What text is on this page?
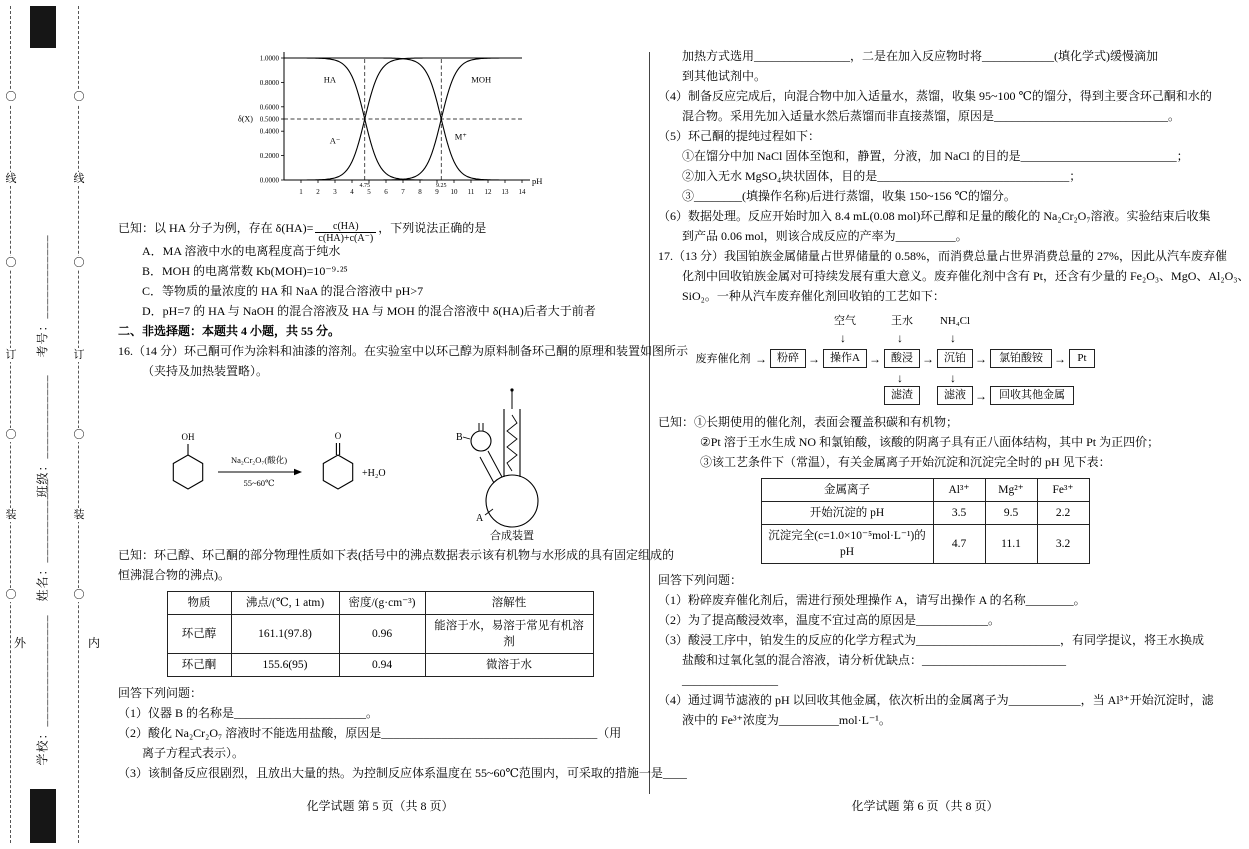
〇
线
〇
订
〇
装
〇
〇
线
〇
订
〇
装
〇
考号：____________
班级：____________
姓名：____________
学校：________________
外	内
0.0000
0.2000
0.4000
0.5000
0.6000
0.8000
1.0000
1 2 3 4 5 6 7 8 9 10 11 12 13 14
4.75	9.25
HA
A⁻	M⁺
MOH
δ(X)
pH
已知：以 HA 分子为例，存在 $\delta(HA)= \frac{c(HA)}{c(HA)+c(A^-)}$ ，下列说法正确的是
A．MA 溶液中水的电离程度高于纯水
B．MOH 的电离常数 Kb(MOH)=10⁻⁹·²⁵
C．等物质的量浓度的 HA 和 NaA 的混合溶液中 pH>7
D．pH=7 的 HA 与 NaOH 的混合溶液及 HA 与 MOH 的混合溶液中 δ(HA)后者大于前者
二、非选择题：本题共 4 小题，共 55 分。
16.（14 分）环己酮可作为涂料和油漆的溶剂。在实验室中以环己醇为原料制备环己酮的原理和装置如图所示
（夹持及加热装置略）。
OH
Na₂Cr₂O₇(酸化)
55~60℃
O
+H₂O
B
A
合成装置
已知：环己醇、环己酮的部分物理性质如下表(括号中的沸点数据表示该有机物与水形成的具有固定组成的
恒沸混合物的沸点)。
物质	沸点/(℃, 1 atm)	密度/(g·cm⁻³)	溶解性
环己醇	161.1(97.8)	0.96	能溶于水，易溶于常见有机溶剂
环己酮	155.6(95)	0.94	微溶于水
回答下列问题：
（1）仪器 B 的名称是______________________。
（2）酸化 Na₂Cr₂O₇ 溶液时不能选用盐酸，原因是____________________________________（用
离子方程式表示）。
（3）该制备反应很剧烈，且放出大量的热。为控制反应体系温度在 55~60℃范围内，可采取的措施一是____
化学试题 第 5 页（共 8 页）
加热方式选用________________，二是在加入反应物时将____________(填化学式)缓慢滴加
到其他试剂中。
（4）制备反应完成后，向混合物中加入适量水，蒸馏，收集 95~100 ℃的馏分，得到主要含环己酮和水的
混合物。采用先加入适量水然后蒸馏而非直接蒸馏，原因是_____________________________。
（5）环己酮的提纯过程如下：
①在馏分中加 NaCl 固体至饱和，静置，分液，加 NaCl 的目的是__________________________；
②加入无水 MgSO₄块状固体，目的是________________________________；
③________(填操作名称)后进行蒸馏，收集 150~156 ℃的馏分。
（6）数据处理。反应开始时加入 8.4 mL(0.08 mol)环己醇和足量的酸化的 Na₂Cr₂O₇溶液。实验结束后收集
到产品 0.06 mol，则该合成反应的产率为__________。
17.（13 分）我国铂族金属储量占世界储量的 0.58%，而消费总量占世界消费总量的 27%，因此从汽车废弃催
化剂中回收铂族金属对可持续发展有重大意义。废弃催化剂中含有 Pt，还含有少量的 Fe₂O₃、MgO、Al₂O₃、
SiO₂。一种从汽车废弃催化剂回收铂的工艺如下：
废弃催化剂 → 粉碎 → 操作A → 酸浸 → 沉铂 →	氯铂酸铵 →	Pt
空气
↓
王水
↓
NH₄Cl
↓
↓
滤渣
↓
滤液 →	回收其他金属
已知：①长期使用的催化剂，表面会覆盖积碳和有机物；
②Pt 溶于王水生成 NO 和氯铂酸，该酸的阴离子具有正八面体结构，其中 Pt 为正四价；
③该工艺条件下（常温），有关金属离子开始沉淀和沉淀完全时的 pH 见下表：
金属离子	Al³⁺	Mg²⁺	Fe³⁺
开始沉淀的 pH	3.5	9.5	2.2
沉淀完全(c=1.0×10⁻⁵mol·L⁻¹)的 pH	4.7	11.1	3.2
回答下列问题：
（1）粉碎废弃催化剂后，需进行预处理操作 A，请写出操作 A 的名称________。
（2）为了提高酸浸效率，温度不宜过高的原因是____________。
（3）酸浸工序中，铂发生的反应的化学方程式为________________________，有同学提议，将王水换成
盐酸和过氧化氢的混合溶液，请分析优缺点：________________________
________________
（4）通过调节滤液的 pH 以回收其他金属，依次析出的金属离子为____________，当 Al³⁺开始沉淀时，滤
液中的 Fe³⁺浓度为__________mol·L⁻¹。
化学试题 第 6 页（共 8 页）
